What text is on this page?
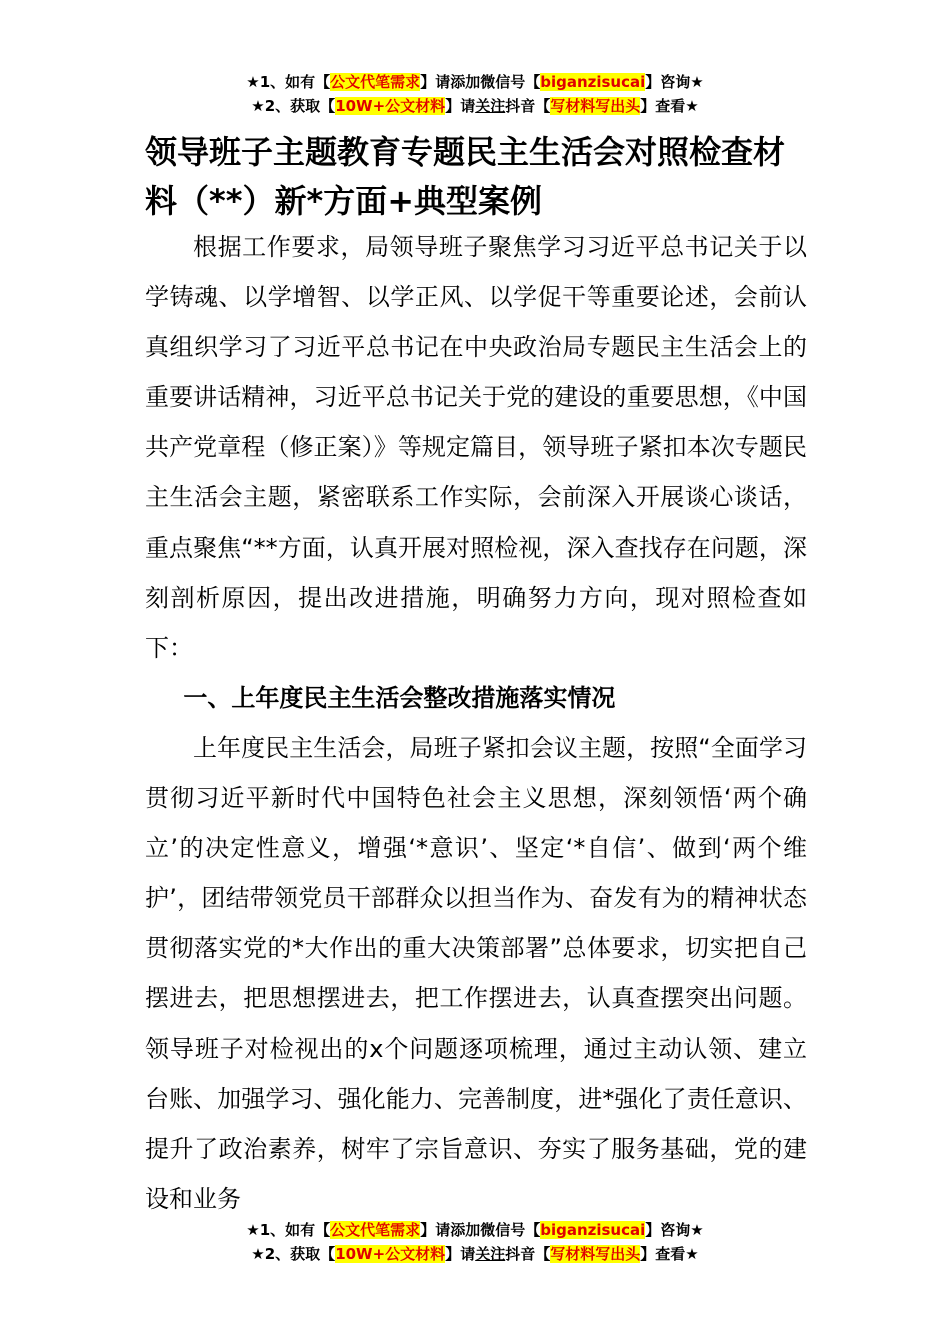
★1、如有【公文代笔需求】请添加微信号【biganzisucai】咨询★
★2、获取【10W+公文材料】请关注抖音【写材料写出头】查看★
领导班子主题教育专题民主生活会对照检查材料（**）新*方面+典型案例

根据工作要求，局领导班子聚焦学习习近平总书记关于以学铸魂、以学增智、以学正风、以学促干等重要论述，会前认真组织学习了习近平总书记在中央政治局专题民主生活会上的重要讲话精神，习近平总书记关于党的建设的重要思想，《中国共产党章程（修正案）》等规定篇目，领导班子紧扣本次专题民主生活会主题，紧密联系工作实际，会前深入开展谈心谈话，重点聚焦“**方面，认真开展对照检视，深入查找存在问题，深刻剖析原因，提出改进措施，明确努力方向，现对照检查如下：

一、上年度民主生活会整改措施落实情况

上年度民主生活会，局班子紧扣会议主题，按照“全面学习贯彻习近平新时代中国特色社会主义思想，深刻领悟‘两个确立’的决定性意义，增强‘*意识’、坚定‘*自信’、做到‘两个维护’，团结带领党员干部群众以担当作为、奋发有为的精神状态贯彻落实党的*大作出的重大决策部署”总体要求，切实把自己摆进去，把思想摆进去，把工作摆进去，认真查摆突出问题。领导班子对检视出的x个问题逐项梳理，通过主动认领、建立台账、加强学习、强化能力、完善制度，进*强化了责任意识、提升了政治素养，树牢了宗旨意识、夯实了服务基础，党的建设和业务

★1、如有【公文代笔需求】请添加微信号【biganzisucai】咨询★
★2、获取【10W+公文材料】请关注抖音【写材料写出头】查看★
